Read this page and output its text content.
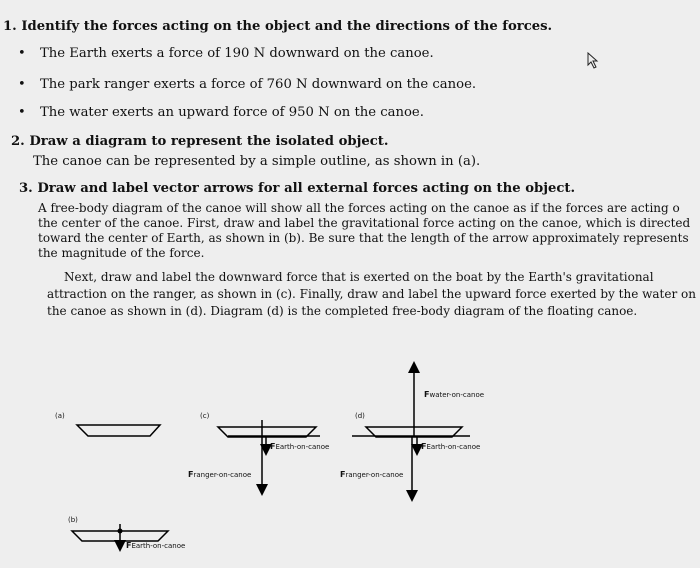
1. Identify the forces acting on the object and the directions of the forces.
• The Earth exerts a force of 190 N downward on the canoe.
• The park ranger exerts a force of 760 N downward on the canoe.
• The water exerts an upward force of 950 N on the canoe.
2. Draw a diagram to represent the isolated object.
The canoe can be represented by a simple outline, as shown in (a).
3. Draw and label vector arrows for all external forces acting on the object.
A free-body diagram of the canoe will show all the forces acting on the canoe as if the forces are acting o
the center of the canoe. First, draw and label the gravitational force acting on the canoe, which is directed
toward the center of Earth, as shown in (b). Be sure that the length of the arrow approximately represents
the magnitude of the force.
Next, draw and label the downward force that is exerted on the boat by the Earth's gravitational
attraction on the ranger, as shown in (c). Finally, draw and label the upward force exerted by the water on
the canoe as shown in (d). Diagram (d) is the completed free-body diagram of the floating canoe.
(a)	(c)	(d)
(b)
FEarth-on-canoe
FEarth-on-canoe
Franger-on-canoe
Fwater-on-canoe
FEarth-on-canoe
Franger-on-canoe
